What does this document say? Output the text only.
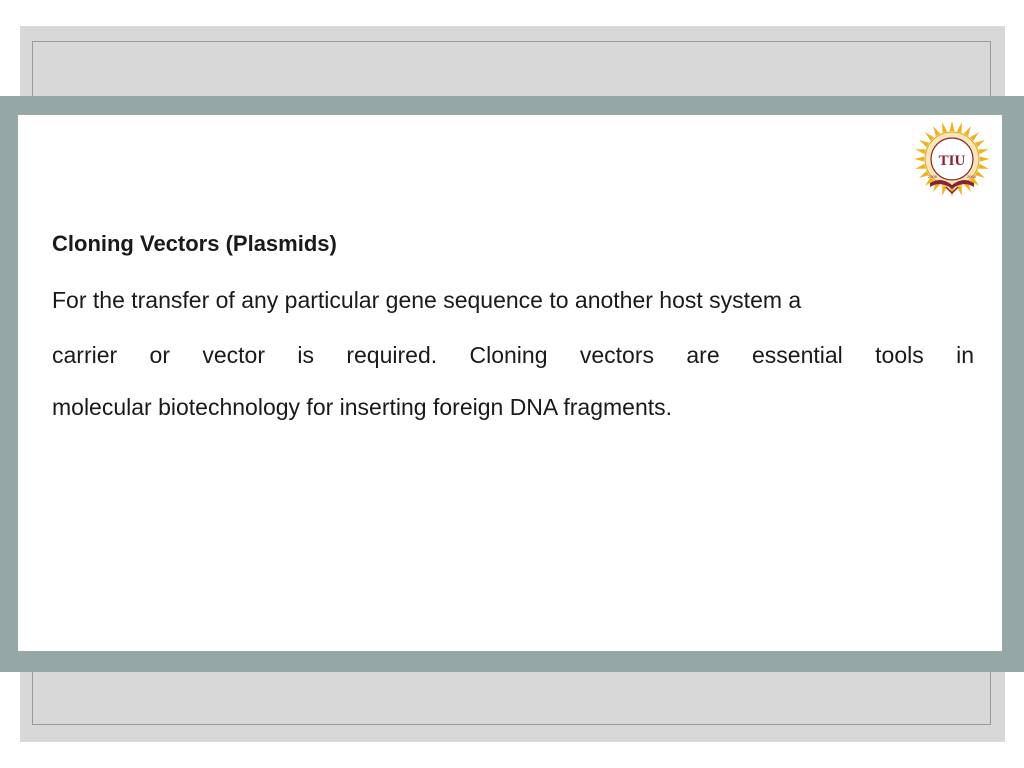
TIU
2008	2008
Cloning Vectors (Plasmids)

For the transfer of any particular gene sequence to another host system a

carrier or vector is required. Cloning vectors are essential tools in

molecular biotechnology for inserting foreign DNA fragments.
